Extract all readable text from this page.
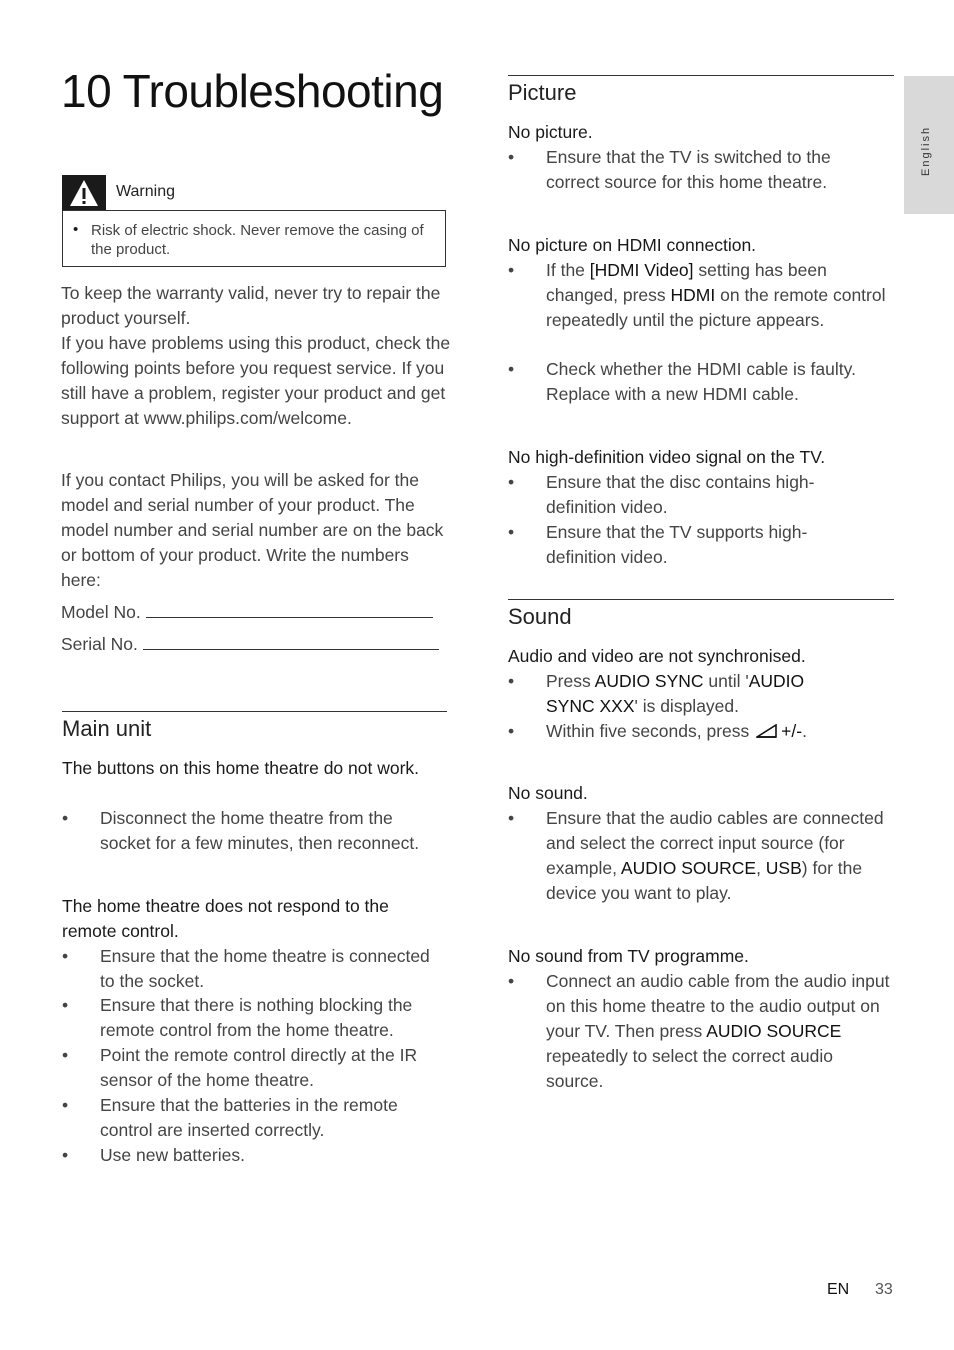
10 Troubleshooting
Warning
• Risk of electric shock. Never remove the casing of the product.
To keep the warranty valid, never try to repair the product yourself.
If you have problems using this product, check the following points before you request service. If you still have a problem, register your product and get support at www.philips.com/welcome.
If you contact Philips, you will be asked for the model and serial number of your product. The model number and serial number are on the back or bottom of your product. Write the numbers here:
Model No.
Serial No.
Main unit
The buttons on this home theatre do not work.
• Disconnect the home theatre from the socket for a few minutes, then reconnect.
The home theatre does not respond to the remote control.
• Ensure that the home theatre is connected to the socket.
• Ensure that there is nothing blocking the remote control from the home theatre.
• Point the remote control directly at the IR sensor of the home theatre.
• Ensure that the batteries in the remote control are inserted correctly.
• Use new batteries.
Picture
No picture.
• Ensure that the TV is switched to the correct source for this home theatre.
No picture on HDMI connection.
• If the [HDMI Video] setting has been changed, press HDMI on the remote control repeatedly until the picture appears.
• Check whether the HDMI cable is faulty. Replace with a new HDMI cable.
No high-definition video signal on the TV.
• Ensure that the disc contains high-definition video.
• Ensure that the TV supports high-definition video.
Sound
Audio and video are not synchronised.
• Press AUDIO SYNC until 'AUDIO SYNC XXX' is displayed.
• Within five seconds, press +/-.
No sound.
• Ensure that the audio cables are connected and select the correct input source (for example, AUDIO SOURCE, USB) for the device you want to play.
No sound from TV programme.
• Connect an audio cable from the audio input on this home theatre to the audio output on your TV. Then press AUDIO SOURCE repeatedly to select the correct audio source.
English
EN 33
